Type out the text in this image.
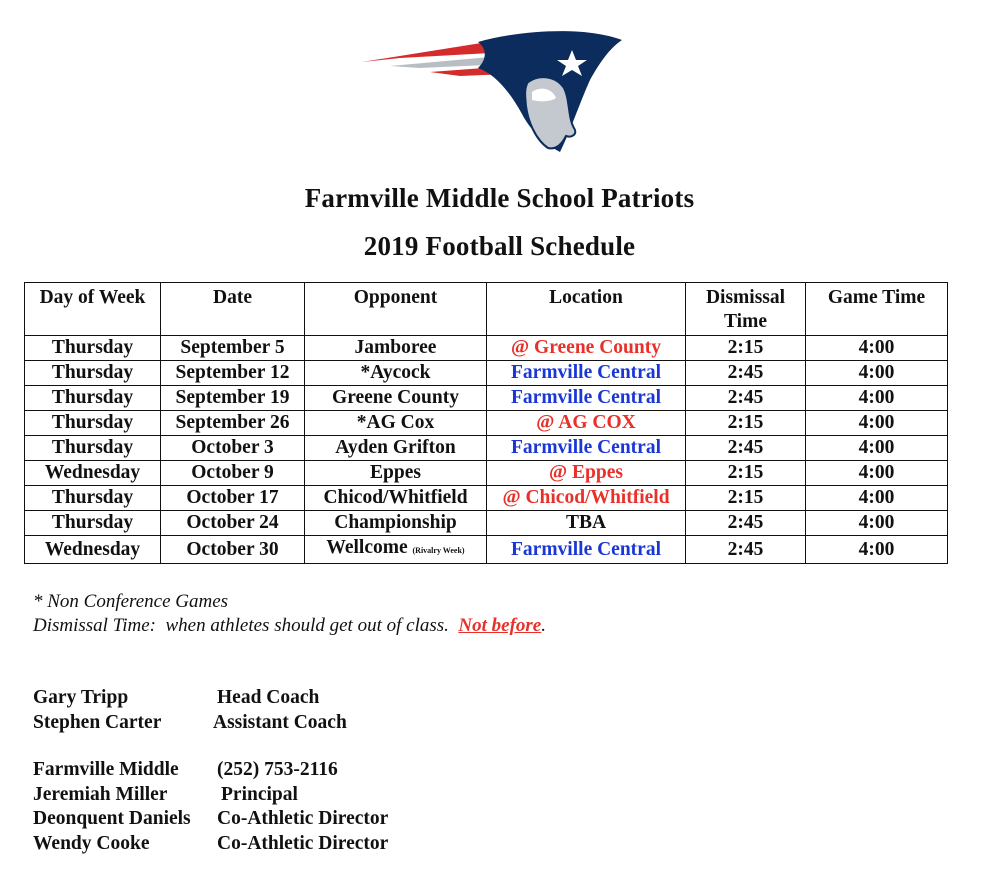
Farmville Middle School Patriots
2019 Football Schedule
Day of Week	Date	Opponent	Location	Dismissal Time	Game Time
Thursday	September 5	Jamboree	@ Greene County	2:15	4:00
Thursday	September 12	*Aycock	Farmville Central	2:45	4:00
Thursday	September 19	Greene County	Farmville Central	2:45	4:00
Thursday	September 26	*AG Cox	@ AG COX	2:15	4:00
Thursday	October 3	Ayden Grifton	Farmville Central	2:45	4:00
Wednesday	October 9	Eppes	@ Eppes	2:15	4:00
Thursday	October 17	Chicod/Whitfield	@ Chicod/Whitfield	2:15	4:00
Thursday	October 24	Championship	TBA	2:45	4:00
Wednesday	October 30	Wellcome (Rivalry Week)	Farmville Central	2:45	4:00
* Non Conference Games
Dismissal Time:  when athletes should get out of class.  Not before.
Gary Tripp	Head Coach
Stephen Carter	Assistant Coach
Farmville Middle (252) 753-2116
Jeremiah Miller	Principal
Deonquent Daniels Co-Athletic Director
Wendy Cooke	Co-Athletic Director
